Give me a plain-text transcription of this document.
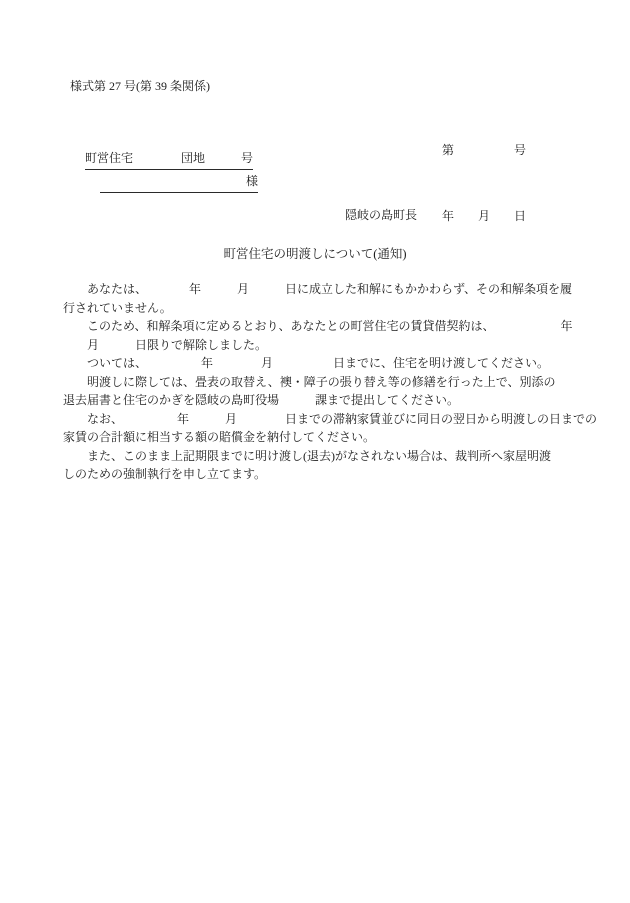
様式第 27 号(第 39 条関係)

第　　　　　号

年　　月　　日

町営住宅　　　　団地　　　号
様
隠岐の島町長
町営住宅の明渡しについて(通知)
　　あなたは、　　　　年　　　月　　　日に成立した和解にもかかわらず、その和解条項を履
行されていません。
　　このため、和解条項に定めるとおり、あなたとの町営住宅の賃貸借契約は、　　　　　　年
　　月　　　日限りで解除しました。
　　ついては、　　　　　年　　　　月　　　　　日までに、住宅を明け渡してください。
　　明渡しに際しては、畳表の取替え、襖・障子の張り替え等の修繕を行った上で、別添の
退去届書と住宅のかぎを隠岐の島町役場　　　課まで提出してください。
　　なお、　　　　　年　　　月　　　　日までの滞納家賃並びに同日の翌日から明渡しの日までの
家賃の合計額に相当する額の賠償金を納付してください。
　　また、このまま上記期限までに明け渡し(退去)がなされない場合は、裁判所へ家屋明渡
しのための強制執行を申し立てます。
